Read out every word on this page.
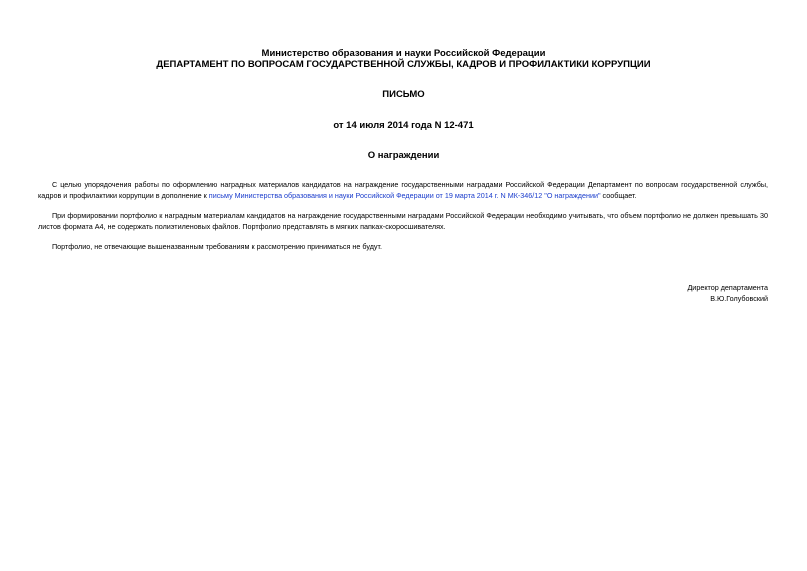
Министерство образования и науки Российской Федерации
ДЕПАРТАМЕНТ ПО ВОПРОСАМ ГОСУДАРСТВЕННОЙ СЛУЖБЫ, КАДРОВ И ПРОФИЛАКТИКИ КОРРУПЦИИ
ПИСЬМО
от 14 июля 2014 года N 12-471
О награждении
С целью упорядочения работы по оформлению наградных материалов кандидатов на награждение государственными наградами Российской Федерации Департамент по вопросам государственной службы, кадров и профилактики коррупции в дополнение к письму Министерства образования и науки Российской Федерации от 19 марта 2014 г. N МК-346/12 "О награждении" сообщает.
При формировании портфолио к наградным материалам кандидатов на награждение государственными наградами Российской Федерации необходимо учитывать, что объем портфолио не должен превышать 30 листов формата А4, не содержать полиэтиленовых файлов. Портфолио представлять в мягких папках-скоросшивателях.
Портфолио, не отвечающие вышеназванным требованиям к рассмотрению приниматься не будут.
Директор департамента
В.Ю.Голубовский
